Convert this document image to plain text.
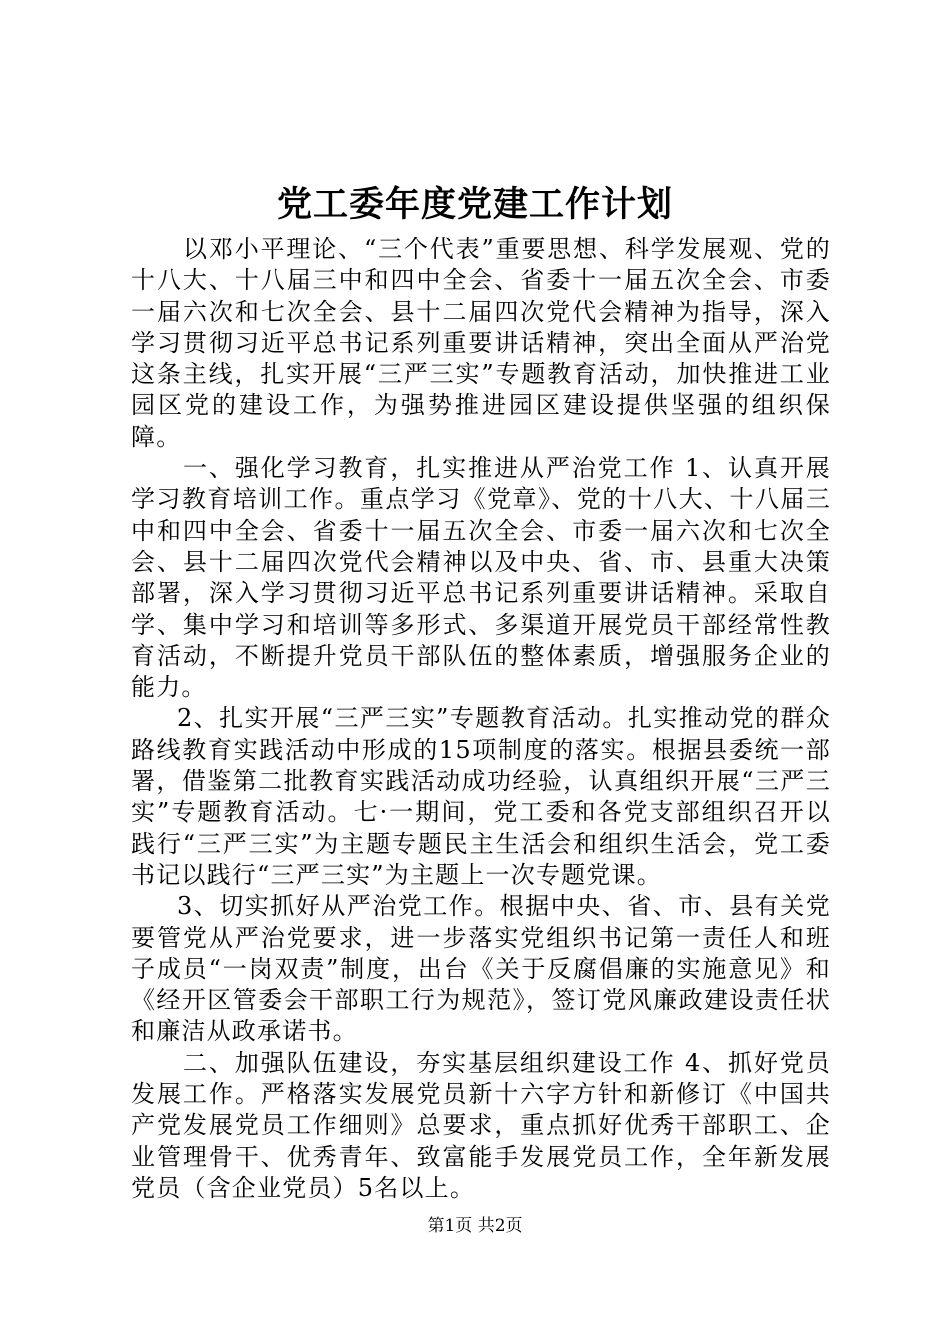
党工委年度党建工作计划

以邓小平理论、“三个代表”重要思想、科学发展观、党的十八大、十八届三中和四中全会、省委十一届五次全会、市委一届六次和七次全会、县十二届四次党代会精神为指导，深入学习贯彻习近平总书记系列重要讲话精神，突出全面从严治党这条主线，扎实开展“三严三实”专题教育活动，加快推进工业园区党的建设工作，为强势推进园区建设提供坚强的组织保障。

一、强化学习教育，扎实推进从严治党工作 1、认真开展学习教育培训工作。重点学习《党章》、党的十八大、十八届三中和四中全会、省委十一届五次全会、市委一届六次和七次全会、县十二届四次党代会精神以及中央、省、市、县重大决策部署，深入学习贯彻习近平总书记系列重要讲话精神。采取自学、集中学习和培训等多形式、多渠道开展党员干部经常性教育活动，不断提升党员干部队伍的整体素质，增强服务企业的能力。

2、扎实开展“三严三实”专题教育活动。扎实推动党的群众路线教育实践活动中形成的15项制度的落实。根据县委统一部署，借鉴第二批教育实践活动成功经验，认真组织开展“三严三实”专题教育活动。七·一期间，党工委和各党支部组织召开以践行“三严三实”为主题专题民主生活会和组织生活会，党工委书记以践行“三严三实”为主题上一次专题党课。

3、切实抓好从严治党工作。根据中央、省、市、县有关党要管党从严治党要求，进一步落实党组织书记第一责任人和班子成员“一岗双责”制度，出台《关于反腐倡廉的实施意见》和《经开区管委会干部职工行为规范》，签订党风廉政建设责任状和廉洁从政承诺书。

二、加强队伍建设，夯实基层组织建设工作 4、抓好党员发展工作。严格落实发展党员新十六字方针和新修订《中国共产党发展党员工作细则》总要求，重点抓好优秀干部职工、企业管理骨干、优秀青年、致富能手发展党员工作，全年新发展党员（含企业党员）5名以上。

第1页 共2页
